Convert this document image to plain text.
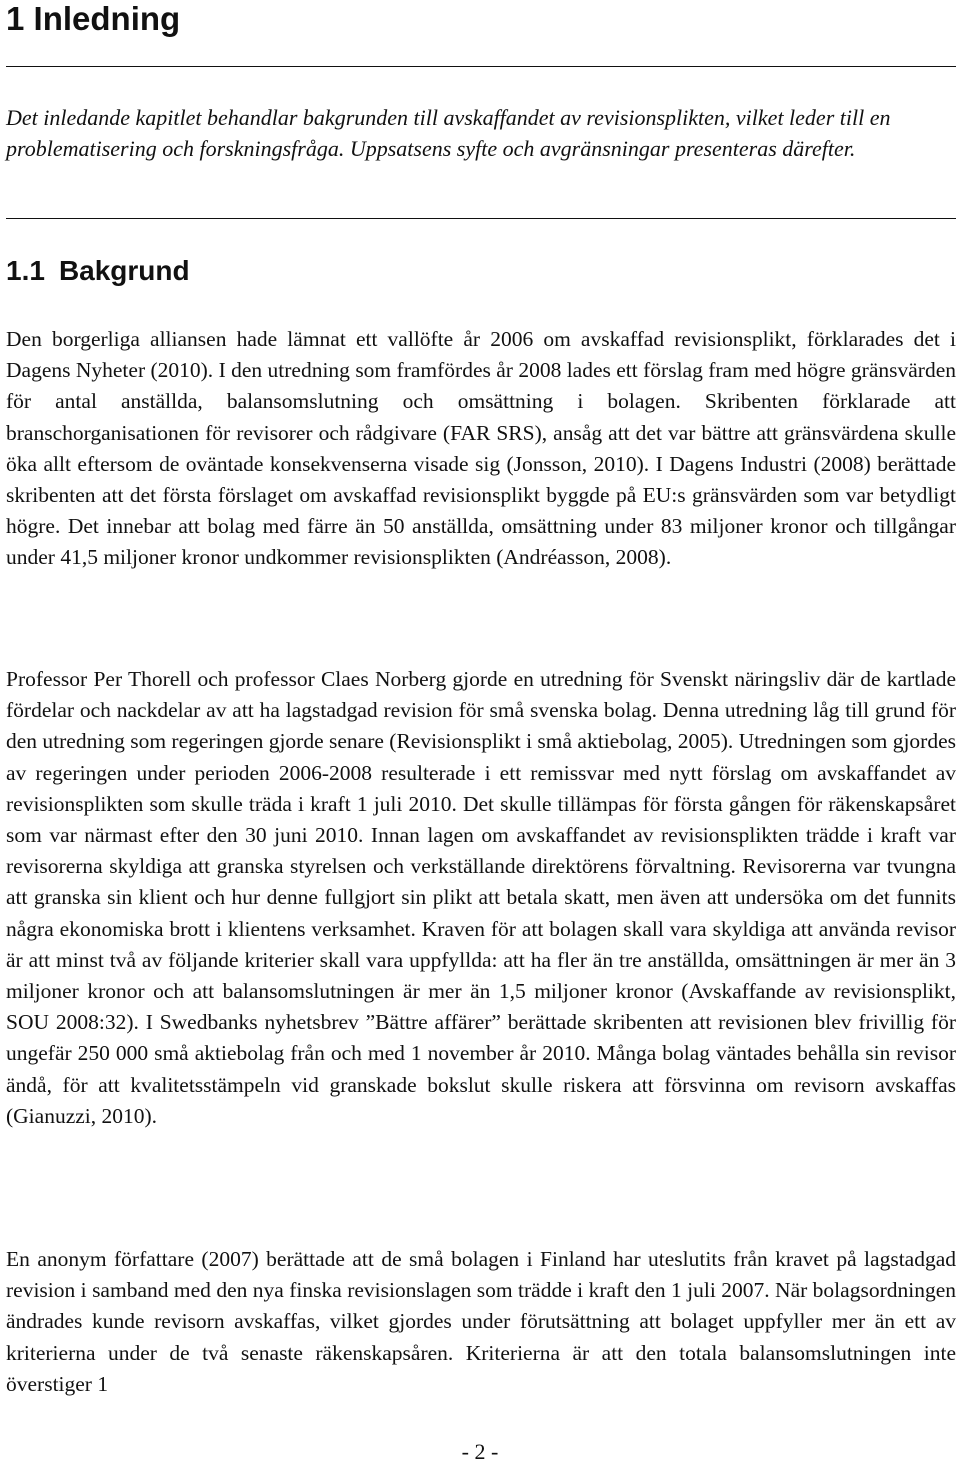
1 Inledning

Det inledande kapitlet behandlar bakgrunden till avskaffandet av revisionsplikten, vilket leder till en problematisering och forskningsfråga. Uppsatsens syfte och avgränsningar presenteras därefter.

1.1 Bakgrund

Den borgerliga alliansen hade lämnat ett vallöfte år 2006 om avskaffad revisionsplikt, förklarades det i Dagens Nyheter (2010). I den utredning som framfördes år 2008 lades ett förslag fram med högre gränsvärden för antal anställda, balansomslutning och omsättning i bolagen. Skribenten förklarade att branschorganisationen för revisorer och rådgivare (FAR SRS), ansåg att det var bättre att gränsvärdena skulle öka allt eftersom de oväntade konsekvenserna visade sig (Jonsson, 2010). I Dagens Industri (2008) berättade skribenten att det första förslaget om avskaffad revisionsplikt byggde på EU:s gränsvärden som var betydligt högre. Det innebar att bolag med färre än 50 anställda, omsättning under 83 miljoner kronor och tillgångar under 41,5 miljoner kronor undkommer revisionsplikten (Andréasson, 2008).

Professor Per Thorell och professor Claes Norberg gjorde en utredning för Svenskt näringsliv där de kartlade fördelar och nackdelar av att ha lagstadgad revision för små svenska bolag. Denna utredning låg till grund för den utredning som regeringen gjorde senare (Revisionsplikt i små aktiebolag, 2005). Utredningen som gjordes av regeringen under perioden 2006-2008 resulterade i ett remissvar med nytt förslag om avskaffandet av revisionsplikten som skulle träda i kraft 1 juli 2010. Det skulle tillämpas för första gången för räkenskapsåret som var närmast efter den 30 juni 2010. Innan lagen om avskaffandet av revisionsplikten trädde i kraft var revisorerna skyldiga att granska styrelsen och verkställande direktörens förvaltning. Revisorerna var tvungna att granska sin klient och hur denne fullgjort sin plikt att betala skatt, men även att undersöka om det funnits några ekonomiska brott i klientens verksamhet. Kraven för att bolagen skall vara skyldiga att använda revisor är att minst två av följande kriterier skall vara uppfyllda: att ha fler än tre anställda, omsättningen är mer än 3 miljoner kronor och att balansomslutningen är mer än 1,5 miljoner kronor (Avskaffande av revisionsplikt, SOU 2008:32). I Swedbanks nyhetsbrev ”Bättre affärer” berättade skribenten att revisionen blev frivillig för ungefär 250 000 små aktiebolag från och med 1 november år 2010. Många bolag väntades behålla sin revisor ändå, för att kvalitetsstämpeln vid granskade bokslut skulle riskera att försvinna om revisorn avskaffas (Gianuzzi, 2010).

En anonym författare (2007) berättade att de små bolagen i Finland har uteslutits från kravet på lagstadgad revision i samband med den nya finska revisionslagen som trädde i kraft den 1 juli 2007. När bolagsordningen ändrades kunde revisorn avskaffas, vilket gjordes under förutsättning att bolaget uppfyller mer än ett av kriterierna under de två senaste räkenskapsåren. Kriterierna är att den totala balansomslutningen inte överstiger 1

- 2 -
